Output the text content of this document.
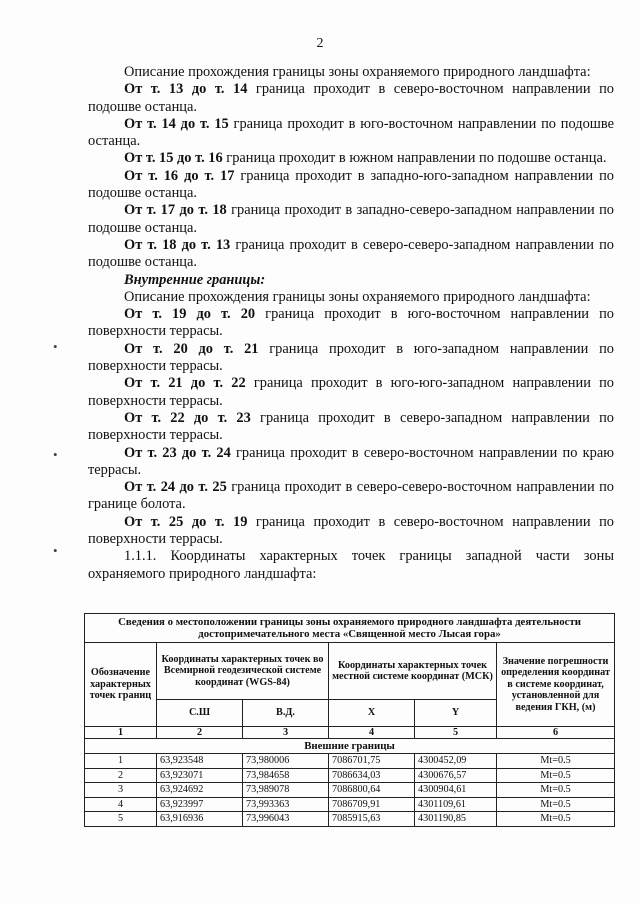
2

Описание прохождения границы зоны охраняемого природного ландшафта:

От т. 13 до т. 14 граница проходит в северо-восточном направлении по подошве останца.

От т. 14 до т. 15 граница проходит в юго-восточном направлении по подошве останца.

От т. 15 до т. 16 граница проходит в южном направлении по подошве останца.

От т. 16 до т. 17 граница проходит в западно-юго-западном направлении по подошве останца.

От т. 17 до т. 18 граница проходит в западно-северо-западном направлении по подошве останца.

От т. 18 до т. 13 граница проходит в северо-северо-западном направлении по подошве останца.

Внутренние границы:

Описание прохождения границы зоны охраняемого природного ландшафта:

От т. 19 до т. 20 граница проходит в юго-восточном направлении по поверхности террасы.

От т. 20 до т. 21 граница проходит в юго-западном направлении по поверхности террасы.

От т. 21 до т. 22 граница проходит в юго-юго-западном направлении по поверхности террасы.

От т. 22 до т. 23 граница проходит в северо-западном направлении по поверхности террасы.

От т. 23 до т. 24 граница проходит в северо-восточном направлении по краю террасы.

От т. 24 до т. 25 граница проходит в северо-северо-восточном направлении по границе болота.

От т. 25 до т. 19 граница проходит в северо-восточном направлении по поверхности террасы.

1.1.1. Координаты характерных точек границы западной части зоны охраняемого природного ландшафта:

•
•
•
Сведения о местоположении границы зоны охраняемого природного ландшафта деятельности достопримечательного места «Священной место Лысая гора»					
Обозначение характерных точек границ	Координаты характерных точек во Всемирной геодезической системе координат (WGS-84)		Координаты характерных точек местной системе координат (МСК)		Значение погрешности определения координат в системе координат, установленной для ведения ГКН, (м)
	С.Ш	В.Д.	X	Y	
1	2	3	4	5	6
Внешние границы					
1	63,923548	73,980006	7086701,75	4300452,09	Mt=0.5
2	63,923071	73,984658	7086634,03	4300676,57	Mt=0.5
3	63,924692	73,989078	7086800,64	4300904,61	Mt=0.5
4	63,923997	73,993363	7086709,91	4301109,61	Mt=0.5
5	63,916936	73,996043	7085915,63	4301190,85	Mt=0.5
